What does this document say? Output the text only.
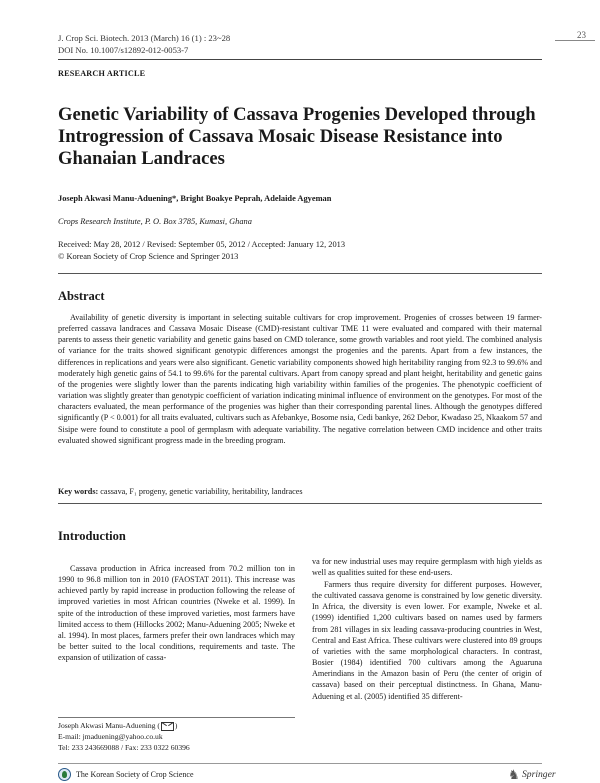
J. Crop Sci. Biotech. 2013 (March) 16 (1) : 23~28
DOI No. 10.1007/s12892-012-0053-7
23
RESEARCH ARTICLE
Genetic Variability of Cassava Progenies Developed through
Introgression of Cassava Mosaic Disease Resistance into
Ghanaian Landraces
Joseph Akwasi Manu-Aduening*, Bright Boakye Peprah, Adelaide Agyeman
Crops Research Institute, P. O. Box 3785, Kumasi, Ghana
Received: May 28, 2012 / Revised: September 05, 2012 / Accepted: January 12, 2013
© Korean Society of Crop Science and Springer 2013
Abstract

Availability of genetic diversity is important in selecting suitable cultivars for crop improvement. Progenies of crosses between 19 farmer-preferred cassava landraces and Cassava Mosaic Disease (CMD)-resistant cultivar TME 11 were evaluated and compared with their maternal parents to assess their genetic variability and genetic gains based on CMD tolerance, some growth variables and root yield. The combined analysis of variance for the traits showed significant genotypic differences amongst the progenies and the parents. Apart from a few instances, the differences in replications and years were also significant. Genetic variability components showed high heritability ranging from 92.3 to 99.6% and moderately high genetic gains of 54.1 to 99.6% for the parental cultivars. Apart from canopy spread and plant height, heritability and genetic gains of the progenies were slightly lower than the parents indicating high variability within families of the progenies. The phenotypic coefficient of variation was slightly greater than genotypic coefficient of variation indicating minimal influence of environment on the genotypes. For most of the characters evaluated, the mean performance of the progenies was higher than their corresponding parental lines. Although the genotypes differed significantly (P < 0.001) for all traits evaluated, cultivars such as Afebankye, Bosome nsia, Cedi bankye, 262 Debor, Kwadaso 25, Nkaakom 57 and Sisipe were found to constitute a pool of germplasm with adequate variability. The negative correlation between CMD incidence and other traits evaluated showed significant progress made in the breeding program.

Key words: cassava, F₁ progeny, genetic variability, heritability, landraces
Introduction

Cassava production in Africa increased from 70.2 million ton in 1990 to 96.8 million ton in 2010 (FAOSTAT 2011). This increase was achieved partly by rapid increase in production following the release of improved varieties in most African countries (Nweke et al. 1999). In spite of the introduction of these improved varieties, most farmers have limited access to them (Hillocks 2002; Manu-Aduening 2005; Nweke et al. 1994). In most places, farmers prefer their own landraces which may be better suited to the local conditions, requirements and taste. The expansion of utilization of cassa-

va for new industrial uses may require germplasm with high yields as well as qualities suited for these end-users.

Farmers thus require diversity for different purposes. However, the cultivated cassava genome is constrained by low genetic diversity. In Africa, the diversity is even lower. For example, Nweke et al. (1999) identified 1,200 cultivars based on names used by farmers from 281 villages in six leading cassava-producing countries in West, Central and East Africa. These cultivars were clustered into 89 groups of varieties with the same morphological characters. In contrast, Bosier (1984) identified 700 cultivars among the Aguaruna Amerindians in the Amazon basin of Peru (the center of origin of cassava) based on their perceptual distinctness. In Ghana, Manu-Aduening et al. (2005) identified 35 different-

Joseph Akwasi Manu-Aduening ( )
E-mail: jmaduening@yahoo.co.uk
Tel: 233 243669088 / Fax: 233 0322 60396
The Korean Society of Crop Science	♞ Springer
